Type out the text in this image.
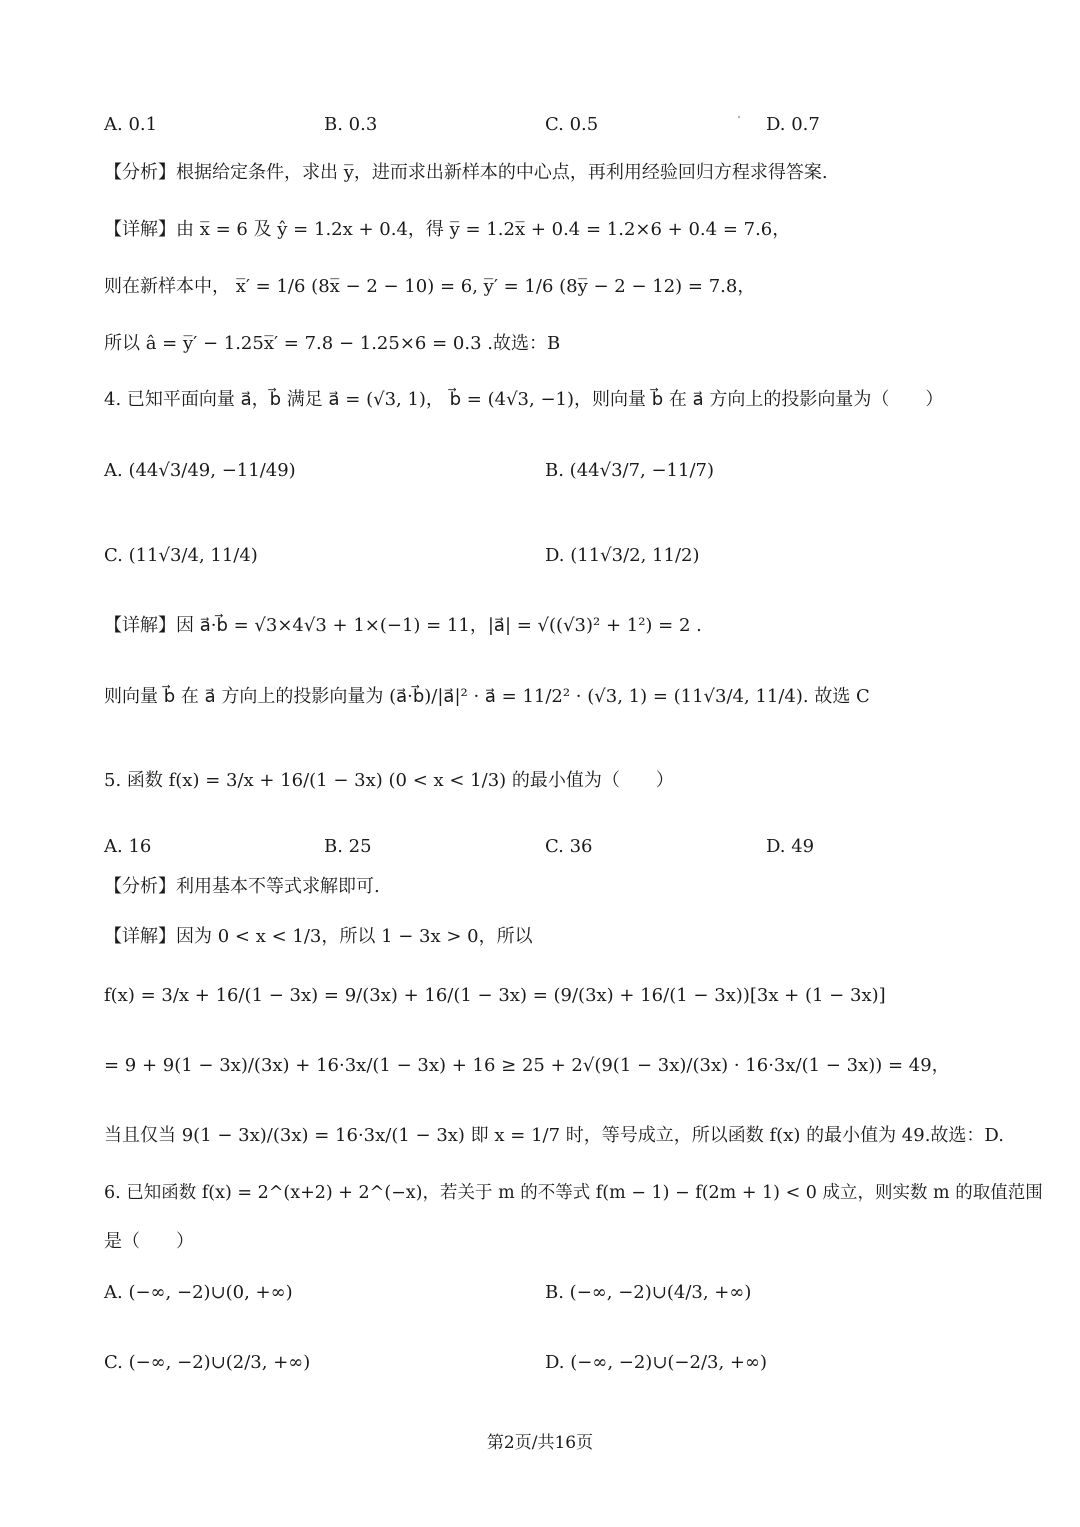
A. 0.1	B. 0.3	C. 0.5	D. 0.7
【分析】根据给定条件，求出 y̅，进而求出新样本的中心点，再利用经验回归方程求得答案.
【详解】由 x̅ = 6 及 ŷ = 1.2x + 0.4，得 y̅ = 1.2x̅ + 0.4 = 1.2×6 + 0.4 = 7.6，
则在新样本中， x̅′ = 1/6 (8x̅ − 2 − 10) = 6, y̅′ = 1/6 (8y̅ − 2 − 12) = 7.8，
所以 â = y̅′ − 1.25x̅′ = 7.8 − 1.25×6 = 0.3 .故选：B
4. 已知平面向量 a⃗，b⃗ 满足 a⃗ = (√3, 1)， b⃗ = (4√3, −1)，则向量 b⃗ 在 a⃗ 方向上的投影向量为（　　）
A. (44√3/49, −11/49)	B. (44√3/7, −11/7)
C. (11√3/4, 11/4)	D. (11√3/2, 11/2)
【详解】因 a⃗·b⃗ = √3×4√3 + 1×(−1) = 11，|a⃗| = √((√3)² + 1²) = 2 .
则向量 b⃗ 在 a⃗ 方向上的投影向量为 (a⃗·b⃗)/|a⃗|² · a⃗ = 11/2² · (√3, 1) = (11√3/4, 11/4). 故选 C
5. 函数 f(x) = 3/x + 16/(1 − 3x) (0 < x < 1/3) 的最小值为（　　）
A. 16	B. 25	C. 36	D. 49
【分析】利用基本不等式求解即可.
【详解】因为 0 < x < 1/3，所以 1 − 3x > 0，所以
f(x) = 3/x + 16/(1 − 3x) = 9/(3x) + 16/(1 − 3x) = (9/(3x) + 16/(1 − 3x))[3x + (1 − 3x)]
= 9 + 9(1 − 3x)/(3x) + 16·3x/(1 − 3x) + 16 ≥ 25 + 2√(9(1 − 3x)/(3x) · 16·3x/(1 − 3x)) = 49，
当且仅当 9(1 − 3x)/(3x) = 16·3x/(1 − 3x) 即 x = 1/7 时，等号成立，所以函数 f(x) 的最小值为 49.故选：D.
6. 已知函数 f(x) = 2^(x+2) + 2^(−x)，若关于 m 的不等式 f(m − 1) − f(2m + 1) < 0 成立，则实数 m 的取值范围
是（　　）
A. (−∞, −2)∪(0, +∞)	B. (−∞, −2)∪(4/3, +∞)
C. (−∞, −2)∪(2/3, +∞)	D. (−∞, −2)∪(−2/3, +∞)
第2页/共16页
